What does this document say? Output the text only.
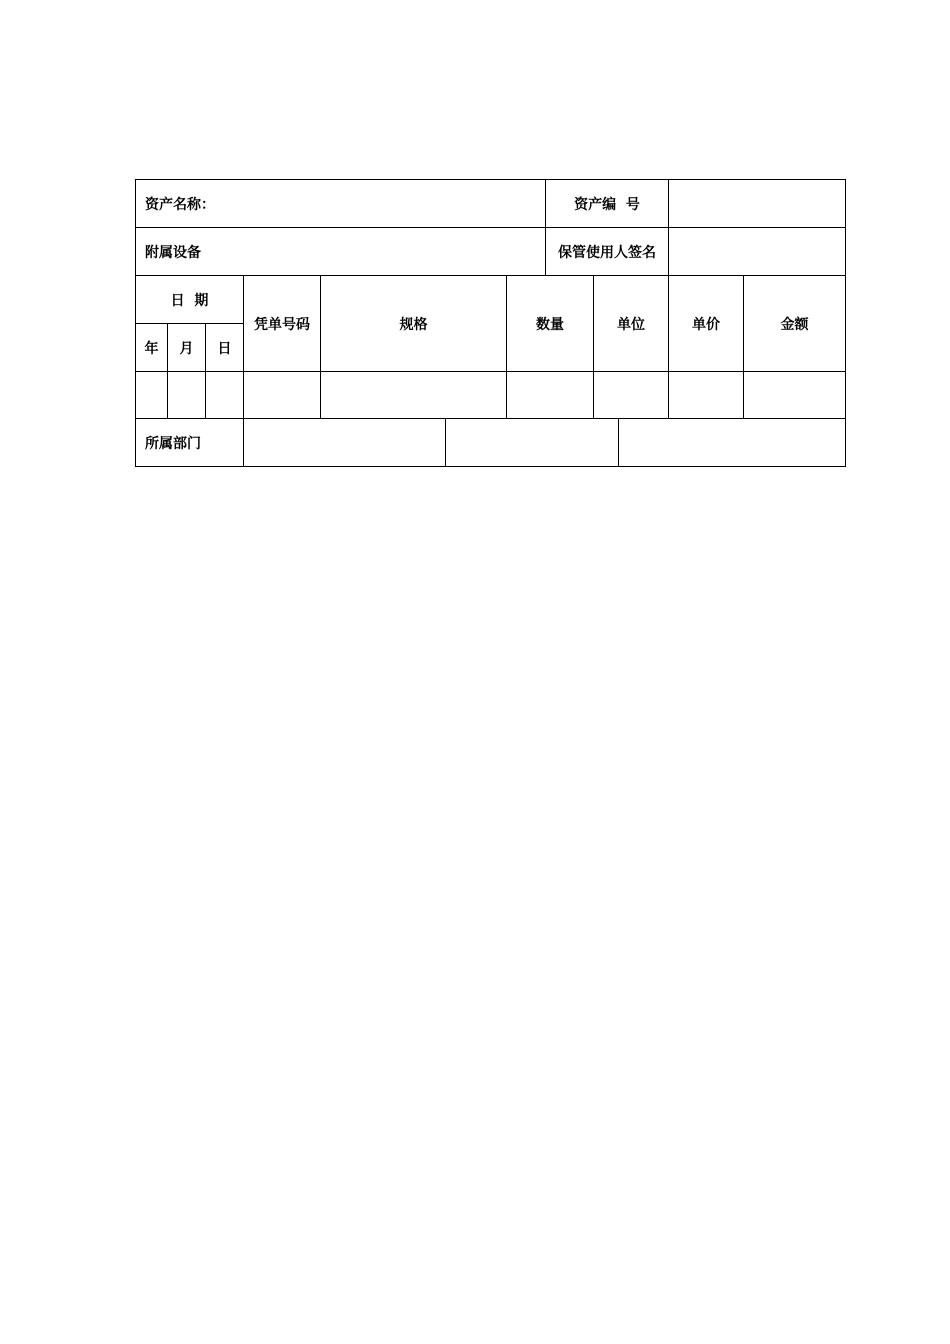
资产名称：	资产编  号
附属设备	保管使用人签名
日  期
年	月	日
凭单号码	规格	数量	单位	单价	金额
所属部门
